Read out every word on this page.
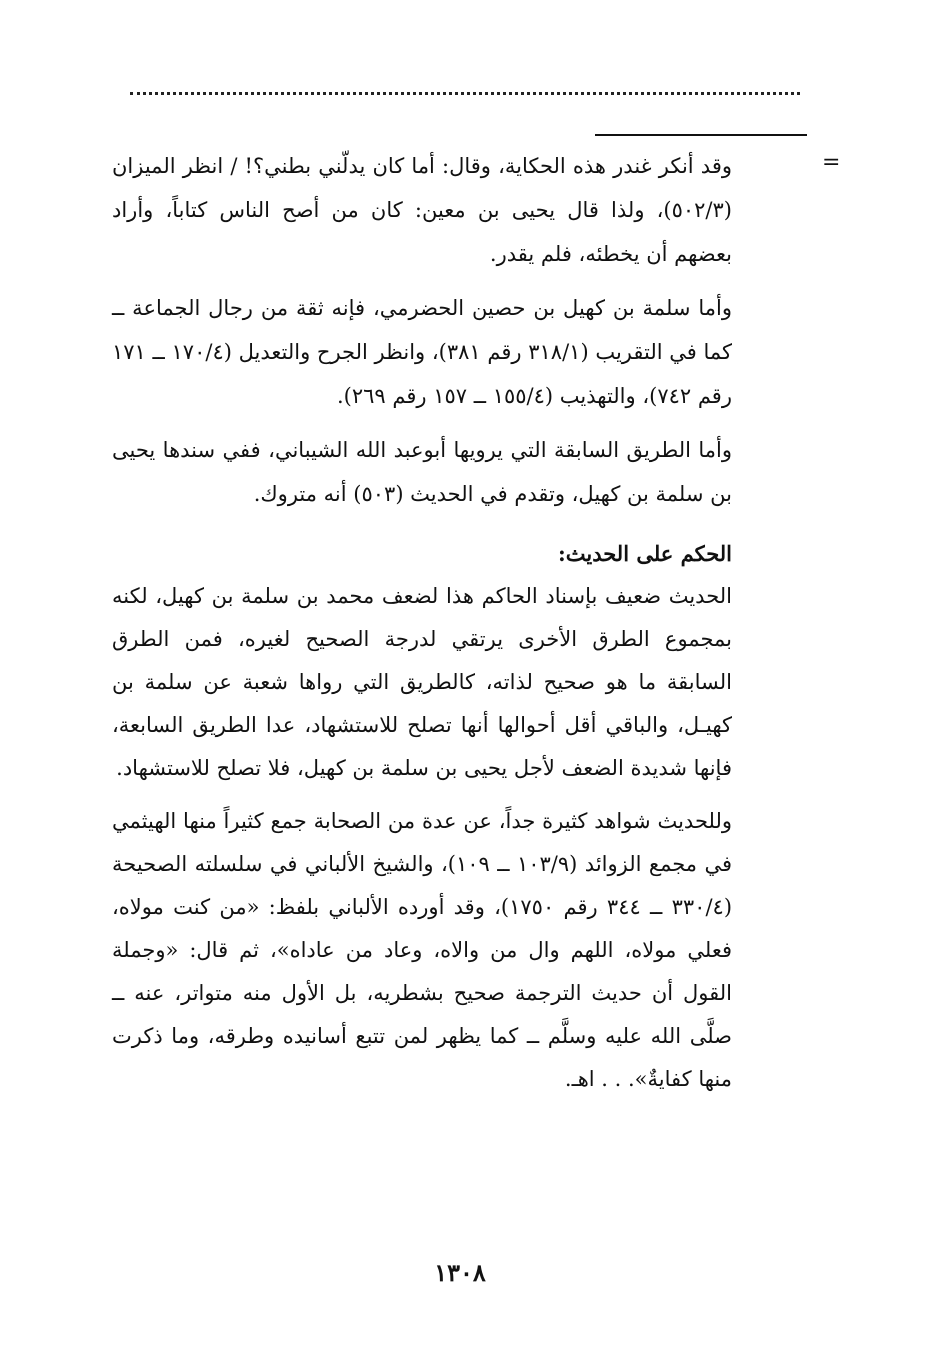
=

وقد أنكر غندر هذه الحكاية، وقال: أما كان يدلّني بطني؟! / انظر الميزان (٥٠٢/٣)، ولذا قال يحيى بن معين: كان من أصح الناس كتاباً، وأراد بعضهم أن يخطئه، فلم يقدر.

وأما سلمة بن كهيل بن حصين الحضرمي، فإنه ثقة من رجال الجماعة ــ كما في التقريب (٣١٨/١ رقم ٣٨١)، وانظر الجرح والتعديل (١٧٠/٤ ــ ١٧١ رقم ٧٤٢)، والتهذيب (١٥٥/٤ ــ ١٥٧ رقم ٢٦٩).

وأما الطريق السابقة التي يرويها أبوعبد الله الشيباني، ففي سندها يحيى بن سلمة بن كهيل، وتقدم في الحديث (٥٠٣) أنه متروك.

الحكم على الحديث:

الحديث ضعيف بإسناد الحاكم هذا لضعف محمد بن سلمة بن كهيل، لكنه بمجموع الطرق الأخرى يرتقي لدرجة الصحيح لغيره، فمن الطرق السابقة ما هو صحيح لذاته، كالطريق التي رواها شعبة عن سلمة بن كهيـل، والباقي أقل أحوالها أنها تصلح للاستشهاد، عدا الطريق السابعة، فإنها شديدة الضعف لأجل يحيى بن سلمة بن كهيل، فلا تصلح للاستشهاد.

وللحديث شواهد كثيرة جداً، عن عدة من الصحابة جمع كثيراً منها الهيثمي في مجمع الزوائد (١٠٣/٩ ــ ١٠٩)، والشيخ الألباني في سلسلته الصحيحة (٣٣٠/٤ ــ ٣٤٤ رقم ١٧٥٠)، وقد أورده الألباني بلفظ: «من كنت مولاه، فعلي مولاه، اللهم وال من والاه، وعاد من عاداه»، ثم قال: «وجملة القول أن حديث الترجمة صحيح بشطريه، بل الأول منه متواتر، عنه ــ صلَّى الله عليه وسلَّم ــ كما يظهر لمن تتبع أسانيده وطرقه، وما ذكرت منها كفايةٌ». . . اهـ.

١٣٠٨
